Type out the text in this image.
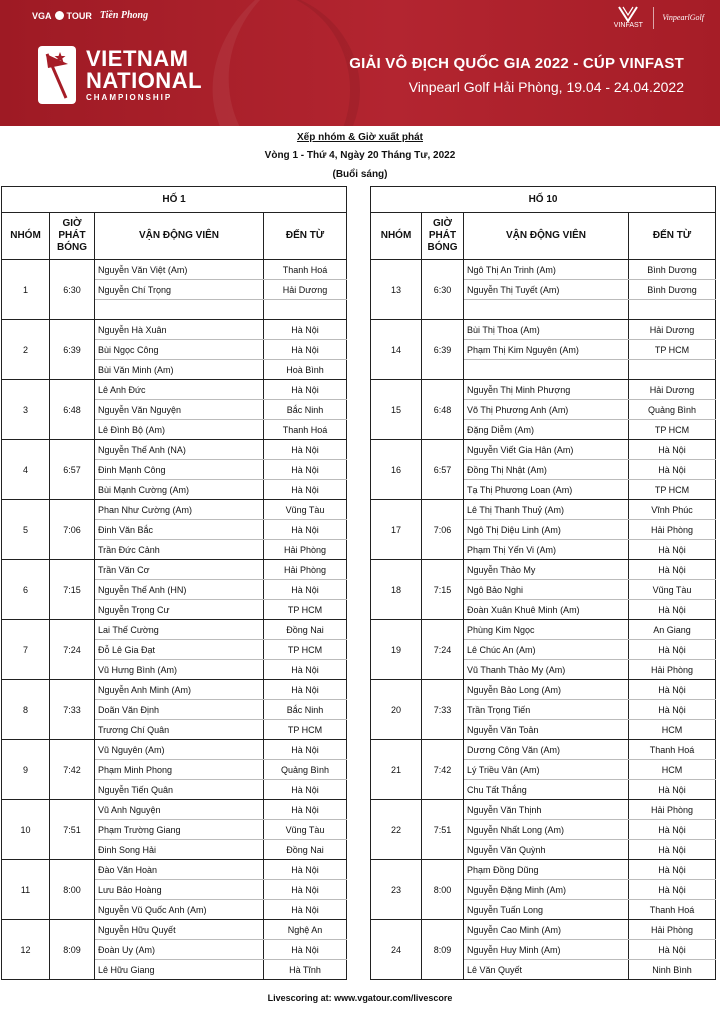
VGA TOUR Tiền Phong
VIETNAM
NATIONAL
CHAMPIONSHIP
VINFAST
VinpearlGolf
GIẢI VÔ ĐỊCH QUỐC GIA 2022 - CÚP VINFAST
Vinpearl Golf Hải Phòng, 19.04 - 24.04.2022
Xếp nhóm & Giờ xuất phát
Vòng 1 - Thứ 4, Ngày 20 Tháng Tư, 2022
(Buổi sáng)
HỐ 1			
NHÓM	GIỜ PHÁT BÓNG	VẬN ĐỘNG VIÊN	ĐẾN TỪ
1	6:30	Nguyễn Văn Việt (Am)	Thanh Hoá
		Nguyễn Chí Trọng	Hải Dương

2	6:39	Nguyễn Hà Xuân	Hà Nội
		Bùi Ngọc Công	Hà Nội
		Bùi Văn Minh (Am)	Hoà Bình
3	6:48	Lê Anh Đức	Hà Nội
		Nguyễn Văn Nguyện	Bắc Ninh
		Lê Đình Bộ (Am)	Thanh Hoá
4	6:57	Nguyễn Thế Anh (NA)	Hà Nội
		Đinh Mạnh Công	Hà Nội
		Bùi Mạnh Cường (Am)	Hà Nội
5	7:06	Phan Như Cường (Am)	Vũng Tàu
		Đinh Văn Bắc	Hà Nội
		Trần Đức Cảnh	Hải Phòng
6	7:15	Trần Văn Cơ	Hải Phòng
		Nguyễn Thế Anh (HN)	Hà Nội
		Nguyễn Trọng Cư	TP HCM
7	7:24	Lai Thế Cường	Đồng Nai
		Đỗ Lê Gia Đạt	TP HCM
		Vũ Hưng Bình (Am)	Hà Nội
8	7:33	Nguyễn Anh Minh (Am)	Hà Nội
		Doãn Văn Định	Bắc Ninh
		Trương Chí Quân	TP HCM
9	7:42	Vũ Nguyên (Am)	Hà Nội
		Phạm Minh Phong	Quảng Bình
		Nguyễn Tiến Quân	Hà Nội
10	7:51	Vũ Anh Nguyện	Hà Nội
		Phạm Trường Giang	Vũng Tàu
		Đinh Song Hải	Đồng Nai
11	8:00	Đào Văn Hoàn	Hà Nội
		Lưu Bảo Hoàng	Hà Nội
		Nguyễn Vũ Quốc Anh (Am)	Hà Nội
12	8:09	Nguyễn Hữu Quyết	Nghệ An
		Đoàn Uy (Am)	Hà Nội
		Lê Hữu Giang	Hà Tĩnh
HỐ 10			
NHÓM	GIỜ PHÁT BÓNG	VẬN ĐỘNG VIÊN	ĐẾN TỪ
13	6:30	Ngô Thị An Trinh (Am)	Bình Dương
		Nguyễn Thị Tuyết (Am)	Bình Dương

14	6:39	Bùi Thị Thoa (Am)	Hải Dương
		Phạm Thị Kim Nguyên (Am)	TP HCM

15	6:48	Nguyễn Thị Minh Phượng	Hải Dương
		Võ Thị Phương Anh (Am)	Quảng Bình
		Đặng Diễm (Am)	TP HCM
16	6:57	Nguyễn Viết Gia Hân (Am)	Hà Nội
		Đồng Thị Nhật (Am)	Hà Nội
		Tạ Thị Phương Loan (Am)	TP HCM
17	7:06	Lê Thị Thanh Thuỷ (Am)	Vĩnh Phúc
		Ngô Thị Diệu Linh (Am)	Hải Phòng
		Phạm Thị Yến Vi (Am)	Hà Nội
18	7:15	Nguyễn Thảo My	Hà Nội
		Ngô Bảo Nghi	Vũng Tàu
		Đoàn Xuân Khuê Minh (Am)	Hà Nội
19	7:24	Phùng Kim Ngọc	An Giang
		Lê Chúc An (Am)	Hà Nội
		Vũ Thanh Thảo My (Am)	Hải Phòng
20	7:33	Nguyễn Bảo Long (Am)	Hà Nội
		Trần Trọng Tiến	Hà Nội
		Nguyễn Văn Toản	HCM
21	7:42	Dương Công Văn (Am)	Thanh Hoá
		Lý Triều Vân (Am)	HCM
		Chu Tất Thắng	Hà Nội
22	7:51	Nguyễn Văn Thịnh	Hải Phòng
		Nguyễn Nhất Long (Am)	Hà Nội
		Nguyễn Văn Quỳnh	Hà Nội
23	8:00	Phạm Đồng Dũng	Hà Nội
		Nguyễn Đặng Minh (Am)	Hà Nội
		Nguyễn Tuấn Long	Thanh Hoá
24	8:09	Nguyễn Cao Minh (Am)	Hải Phòng
		Nguyễn Huy Minh (Am)	Hà Nội
		Lê Văn Quyết	Ninh Bình
Livescoring at: www.vgatour.com/livescore
